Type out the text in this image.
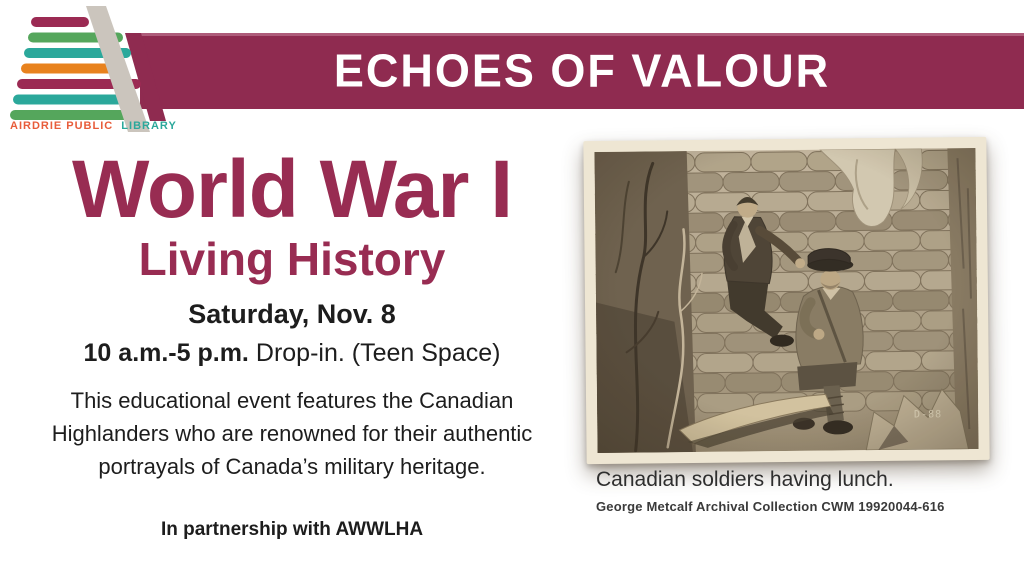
ECHOES OF VALOUR
AIRDRIE PUBLIC LIBRARY
World War I
Living History
Saturday, Nov. 8
10 a.m.-5 p.m. Drop-in. (Teen Space)
This educational event features the Canadian Highlanders who are renowned for their authentic portrayals of Canada’s military heritage.
In partnership with AWWLHA
Canadian soldiers having lunch.
George Metcalf Archival Collection CWM 19920044-616
